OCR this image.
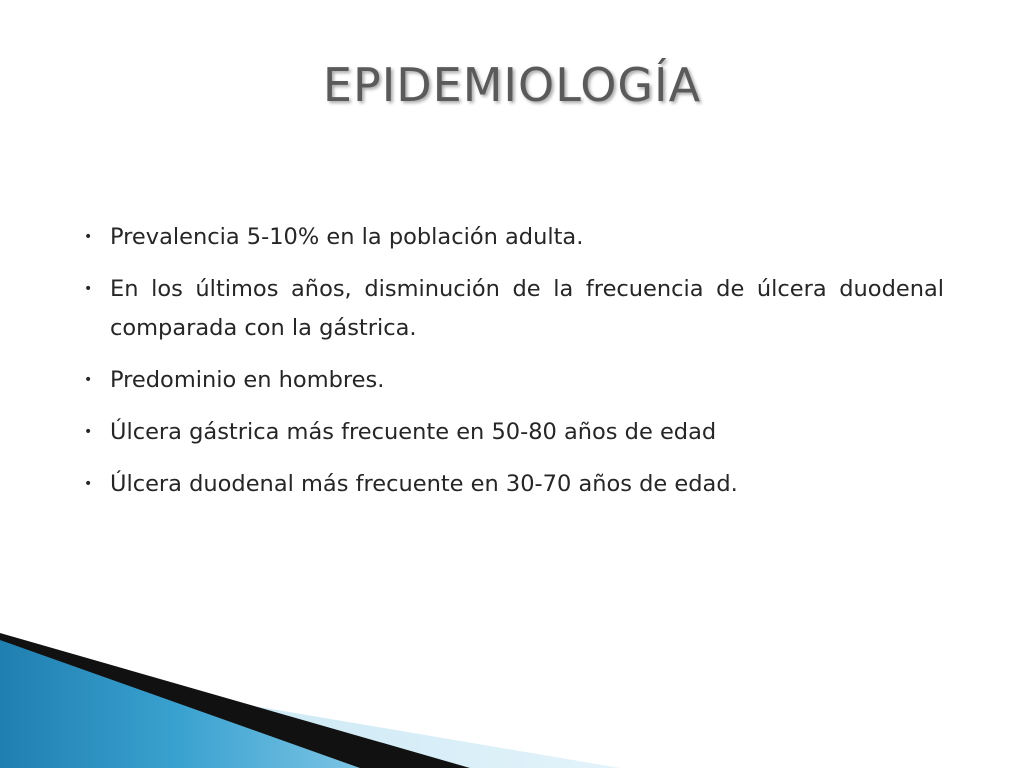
EPIDEMIOLOGÍA
• Prevalencia 5-10% en la población adulta.
• En los últimos años, disminución de la frecuencia de úlcera duodenal comparada con la gástrica.
• Predominio en hombres.
• Úlcera gástrica más frecuente en 50-80 años de edad
• Úlcera duodenal más frecuente en 30-70 años de edad.
